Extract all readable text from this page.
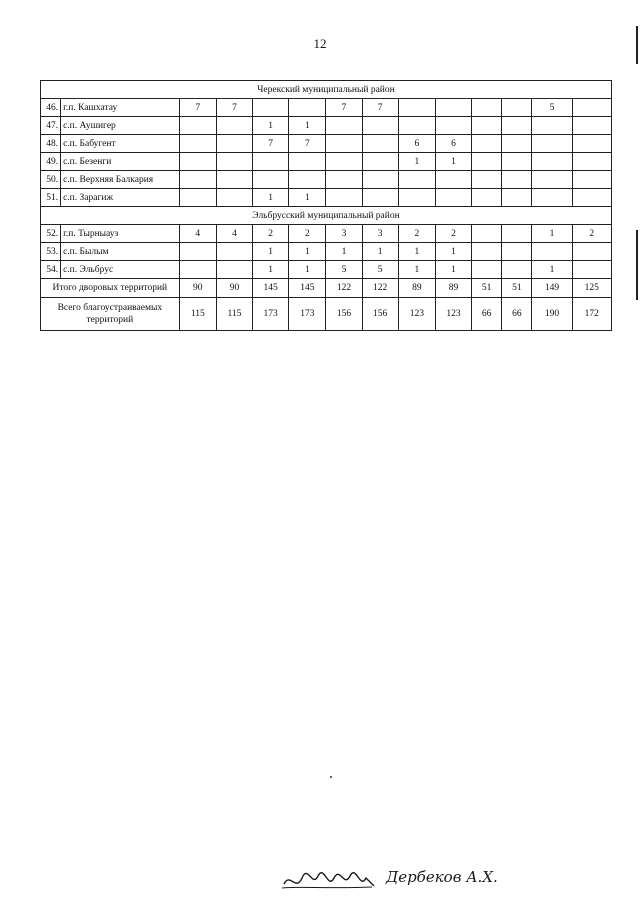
12
Черекский муниципальный район													
46.	г.п. Кашхатау	7	7			7	7					5	
47.	с.п. Аушигер			1	1								
48.	с.п. Бабугент			7	7			6	6				
49.	с.п. Безенги							1	1				
50.	с.п. Верхняя Балкария												
51.	с.п. Зарагиж			1	1								
Эльбрусский муниципальный район													
52.	г.п. Тырныауз	4	4	2	2	3	3	2	2			1	2
53.	с.п. Былым			1	1	1	1	1	1				
54.	с.п. Эльбрус			1	1	5	5	1	1			1	
Итого дворовых территорий		90	90	145	145	122	122	89	89	51	51	149	125
Всего благоустраиваемых территорий		115	115	173	173	156	156	123	123	66	66	190	172
Дербеков А.Х.
